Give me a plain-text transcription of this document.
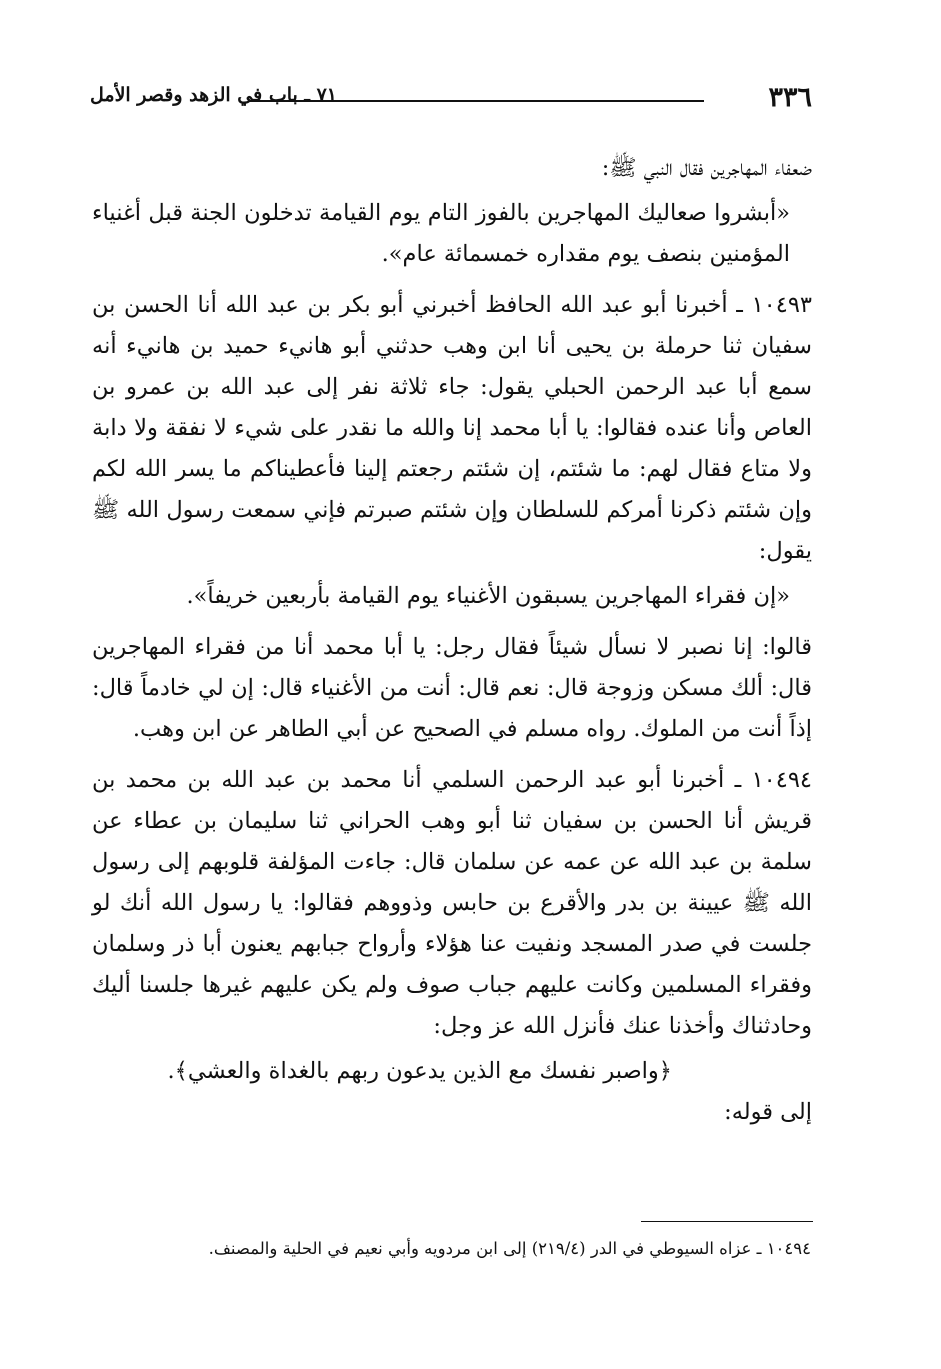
٣٣٦
٧١ ـ باب في الزهد وقصر الأمل

ضعفاء المهاجرين فقال النبي ﷺ:

«أبشروا صعاليك المهاجرين بالفوز التام يوم القيامة تدخلون الجنة قبل أغنياء المؤمنين بنصف يوم مقداره خمسمائة عام».

١٠٤٩٣ ـ أخبرنا أبو عبد الله الحافظ أخبرني أبو بكر بن عبد الله أنا الحسن بن سفيان ثنا حرملة بن يحيى أنا ابن وهب حدثني أبو هانيء حميد بن هانيء أنه سمع أبا عبد الرحمن الحبلي يقول: جاء ثلاثة نفر إلى عبد الله بن عمرو بن العاص وأنا عنده فقالوا: يا أبا محمد إنا والله ما نقدر على شيء لا نفقة ولا دابة ولا متاع فقال لهم: ما شئتم، إن شئتم رجعتم إلينا فأعطيناكم ما يسر الله لكم وإن شئتم ذكرنا أمركم للسلطان وإن شئتم صبرتم فإني سمعت رسول الله ﷺ يقول:

«إن فقراء المهاجرين يسبقون الأغنياء يوم القيامة بأربعين خريفاً».

قالوا: إنا نصبر لا نسأل شيئاً فقال رجل: يا أبا محمد أنا من فقراء المهاجرين قال: ألك مسكن وزوجة قال: نعم قال: أنت من الأغنياء قال: إن لي خادماً قال: إذاً أنت من الملوك. رواه مسلم في الصحيح عن أبي الطاهر عن ابن وهب.

١٠٤٩٤ ـ أخبرنا أبو عبد الرحمن السلمي أنا محمد بن عبد الله بن محمد بن قريش أنا الحسن بن سفيان ثنا أبو وهب الحراني ثنا سليمان بن عطاء عن سلمة بن عبد الله عن عمه عن سلمان قال: جاءت المؤلفة قلوبهم إلى رسول الله ﷺ عيينة بن بدر والأقرع بن حابس وذووهم فقالوا: يا رسول الله أنك لو جلست في صدر المسجد ونفيت عنا هؤلاء وأرواح جبابهم يعنون أبا ذر وسلمان وفقراء المسلمين وكانت عليهم جباب صوف ولم يكن عليهم غيرها جلسنا أليك وحادثناك وأخذنا عنك فأنزل الله عز وجل:

﴿واصبر نفسك مع الذين يدعون ربهم بالغداة والعشي﴾.

إلى قوله:

١٠٤٩٤ ـ عزاه السيوطي في الدر (٢١٩/٤) إلى ابن مردويه وأبي نعيم في الحلية والمصنف.
